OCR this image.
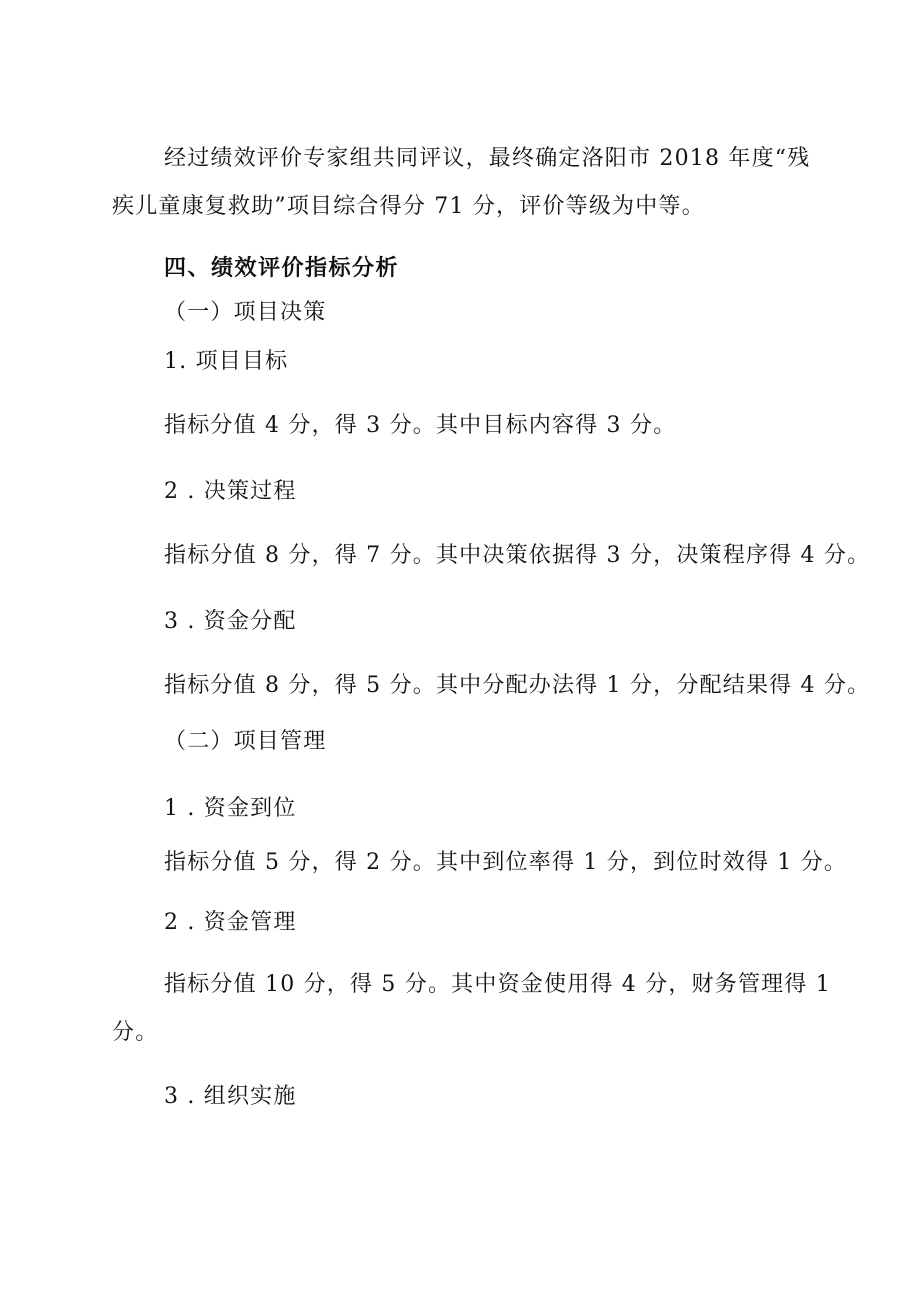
经过绩效评价专家组共同评议，最终确定洛阳市 2018 年度“残
疾儿童康复救助”项目综合得分 71 分，评价等级为中等。
四、绩效评价指标分析
（一）项目决策
1. 项目目标
指标分值 4 分，得 3 分。其中目标内容得 3 分。
2 . 决策过程
指标分值 8 分，得 7 分。其中决策依据得 3 分，决策程序得 4 分。
3 . 资金分配
指标分值 8 分，得 5 分。其中分配办法得 1 分，分配结果得 4 分。
（二）项目管理
1 . 资金到位
指标分值 5 分，得 2 分。其中到位率得 1 分，到位时效得 1 分。
2 . 资金管理
指标分值 10 分，得 5 分。其中资金使用得 4 分，财务管理得 1
分。
3 . 组织实施
